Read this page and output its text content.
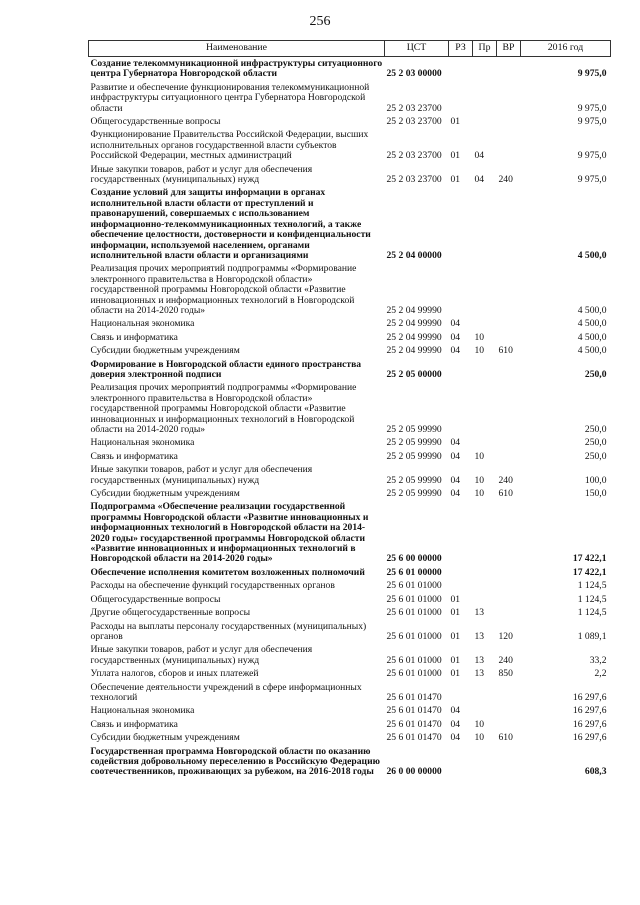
256
Наименование	ЦСТ	РЗ	Пр	ВР	2016 год
Создание телекоммуникационной инфраструктуры ситуационного центра Губернатора Новгородской области	25 2 03 00000				9 975,0
Развитие и обеспечение функционирования телекоммуникационной инфраструктуры ситуационного центра Губернатора Новгородской области	25 2 03 23700				9 975,0
Общегосударственные вопросы	25 2 03 23700	01			9 975,0
Функционирование Правительства Российской Федерации, высших исполнительных органов государственной власти субъектов Российской Федерации, местных администраций	25 2 03 23700	01	04		9 975,0
Иные закупки товаров, работ и услуг для обеспечения государственных (муниципальных) нужд	25 2 03 23700	01	04	240	9 975,0
Создание условий для защиты информации в органах исполнительной власти области от преступлений и правонарушений, совершаемых с использованием информационно-телекоммуникационных технологий, а также обеспечение целостности, достоверности и конфиденциальности информации, используемой населением, органами исполнительной власти области и организациями	25 2 04 00000				4 500,0
Реализация прочих мероприятий подпрограммы «Формирование электронного правительства в Новгородской области» государственной программы Новгородской области «Развитие инновационных и информационных технологий в Новгородской области на 2014-2020 годы»	25 2 04 99990				4 500,0
Национальная экономика	25 2 04 99990	04			4 500,0
Связь и информатика	25 2 04 99990	04	10		4 500,0
Субсидии бюджетным учреждениям	25 2 04 99990	04	10	610	4 500,0
Формирование в Новгородской области единого пространства доверия электронной подписи	25 2 05 00000				250,0
Реализация прочих мероприятий подпрограммы «Формирование электронного правительства в Новгородской области» государственной программы Новгородской области «Развитие инновационных и информационных технологий в Новгородской области на 2014-2020 годы»	25 2 05 99990				250,0
Национальная экономика	25 2 05 99990	04			250,0
Связь и информатика	25 2 05 99990	04	10		250,0
Иные закупки товаров, работ и услуг для обеспечения государственных (муниципальных) нужд	25 2 05 99990	04	10	240	100,0
Субсидии бюджетным учреждениям	25 2 05 99990	04	10	610	150,0
Подпрограмма «Обеспечение реализации государственной программы Новгородской области «Развитие инновационных и информационных технологий в Новгородской области на 2014-2020 годы» государственной программы Новгородской области «Развитие инновационных и информационных технологий в Новгородской области на 2014-2020 годы»	25 6 00 00000				17 422,1
Обеспечение исполнения комитетом возложенных полномочий	25 6 01 00000				17 422,1
Расходы на обеспечение функций государственных органов	25 6 01 01000				1 124,5
Общегосударственные вопросы	25 6 01 01000	01			1 124,5
Другие общегосударственные вопросы	25 6 01 01000	01	13		1 124,5
Расходы на выплаты персоналу государственных (муниципальных) органов	25 6 01 01000	01	13	120	1 089,1
Иные закупки товаров, работ и услуг для обеспечения государственных (муниципальных) нужд	25 6 01 01000	01	13	240	33,2
Уплата налогов, сборов и иных платежей	25 6 01 01000	01	13	850	2,2
Обеспечение деятельности учреждений в сфере информационных технологий	25 6 01 01470				16 297,6
Национальная экономика	25 6 01 01470	04			16 297,6
Связь и информатика	25 6 01 01470	04	10		16 297,6
Субсидии бюджетным учреждениям	25 6 01 01470	04	10	610	16 297,6
Государственная программа Новгородской области по оказанию содействия добровольному переселению в Российскую Федерацию соотечественников, проживающих за рубежом, на 2016-2018 годы	26 0 00 00000				608,3
